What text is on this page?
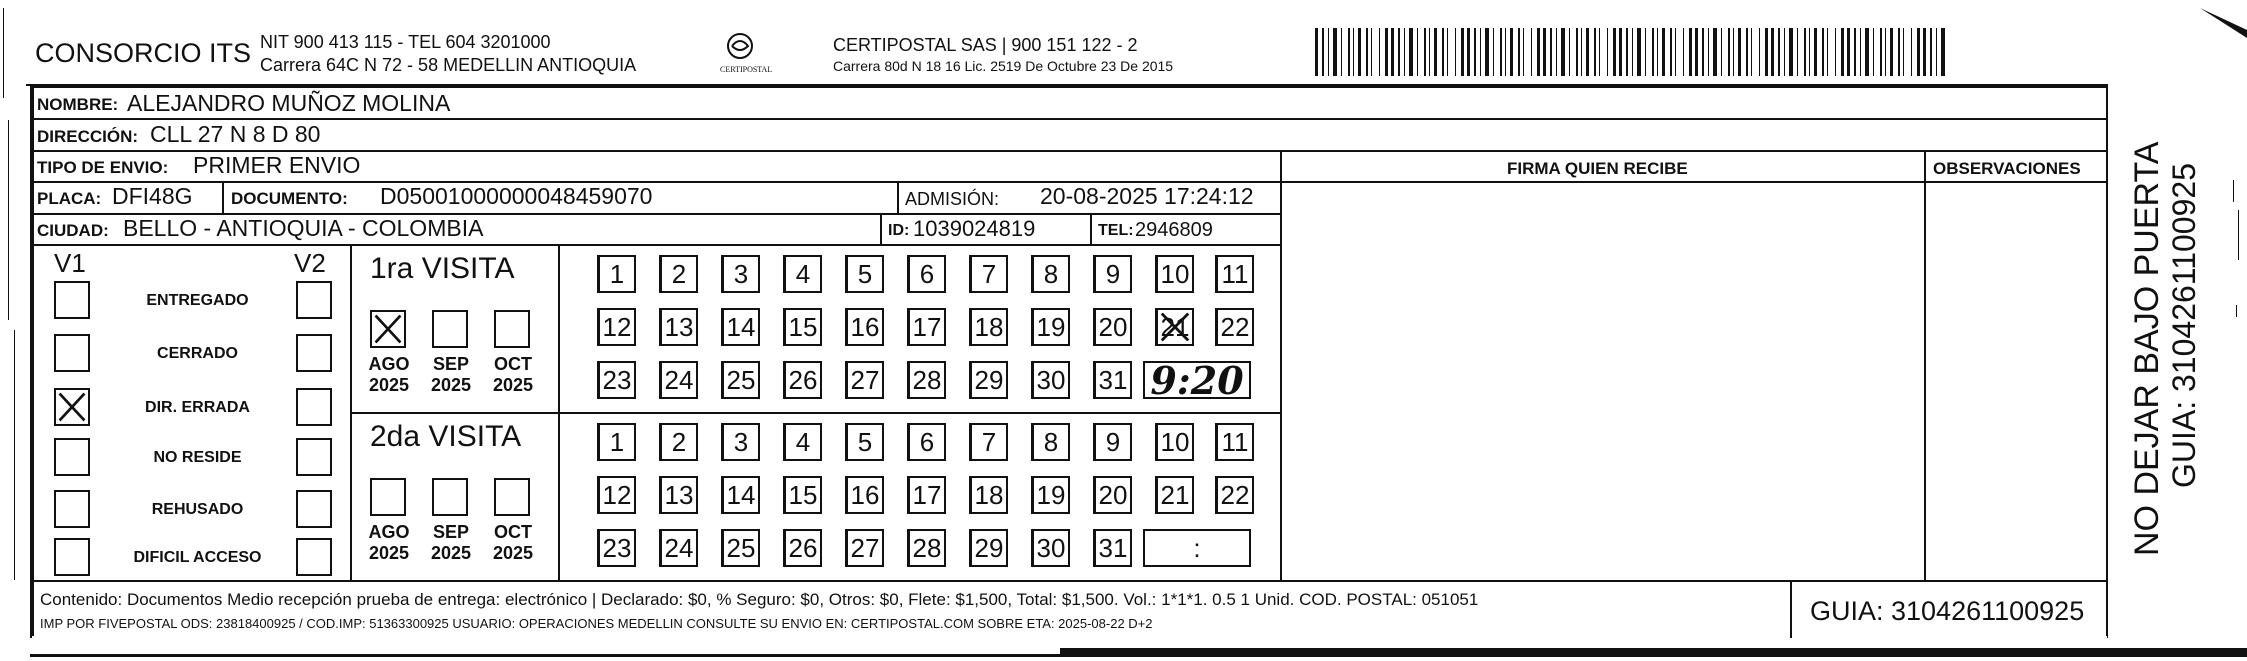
CONSORCIO ITS NIT 900 413 115 - TEL 604 3201000
Carrera 64C N 72 - 58 MEDELLIN ANTIOQUIA	CERTIPOSTAL
CERTIPOSTAL SAS | 900 151 122 - 2
Carrera 80d N 18 16 Lic. 2519 De Octubre 23 De 2015
NOMBRE: ALEJANDRO MUÑOZ MOLINA
DIRECCIÓN: CLL 27 N 8 D 80
TIPO DE ENVIO: PRIMER ENVIO	FIRMA QUIEN RECIBE	OBSERVACIONES
PLACA: DFI48G DOCUMENTO: D05001000000048459070	ADMISIÓN: 20-08-2025 17:24:12
CIUDAD: BELLO - ANTIOQUIA - COLOMBIA	ID: 1039024819	TEL: 2946809
V1	V2
ENTREGADO
CERRADO
DIR. ERRADA
NO RESIDE
REHUSADO
DIFICIL ACCESO
1ra VISITA
AGO
2025
SEP
2025
OCT
2025
1	2	3	4	5	6	7	8	9	10 11
12 13 14 15 16 17 18 19 20 21 22
23 24 25 26 27 28 29 30 31 9:20
2da VISITA
AGO
2025
SEP
2025
OCT
2025
1	2	3	4	5	6	7	8	9	10 11
12 13 14 15 16 17 18 19 20 21 22
23 24 25 26 27 28 29 30 31	:
Contenido: Documentos Medio recepción prueba de entrega: electrónico | Declarado: $0, % Seguro: $0, Otros: $0, Flete: $1,500, Total: $1,500. Vol.: 1*1*1. 0.5 1 Unid. COD. POSTAL: 051051
IMP POR FIVEPOSTAL ODS: 23818400925 / COD.IMP: 51363300925 USUARIO: OPERACIONES MEDELLIN CONSULTE SU ENVIO EN: CERTIPOSTAL.COM SOBRE ETA: 2025-08-22 D+2	GUIA: 3104261100925
NO DEJAR BAJO PUERTA GUIA: 3104261100925
